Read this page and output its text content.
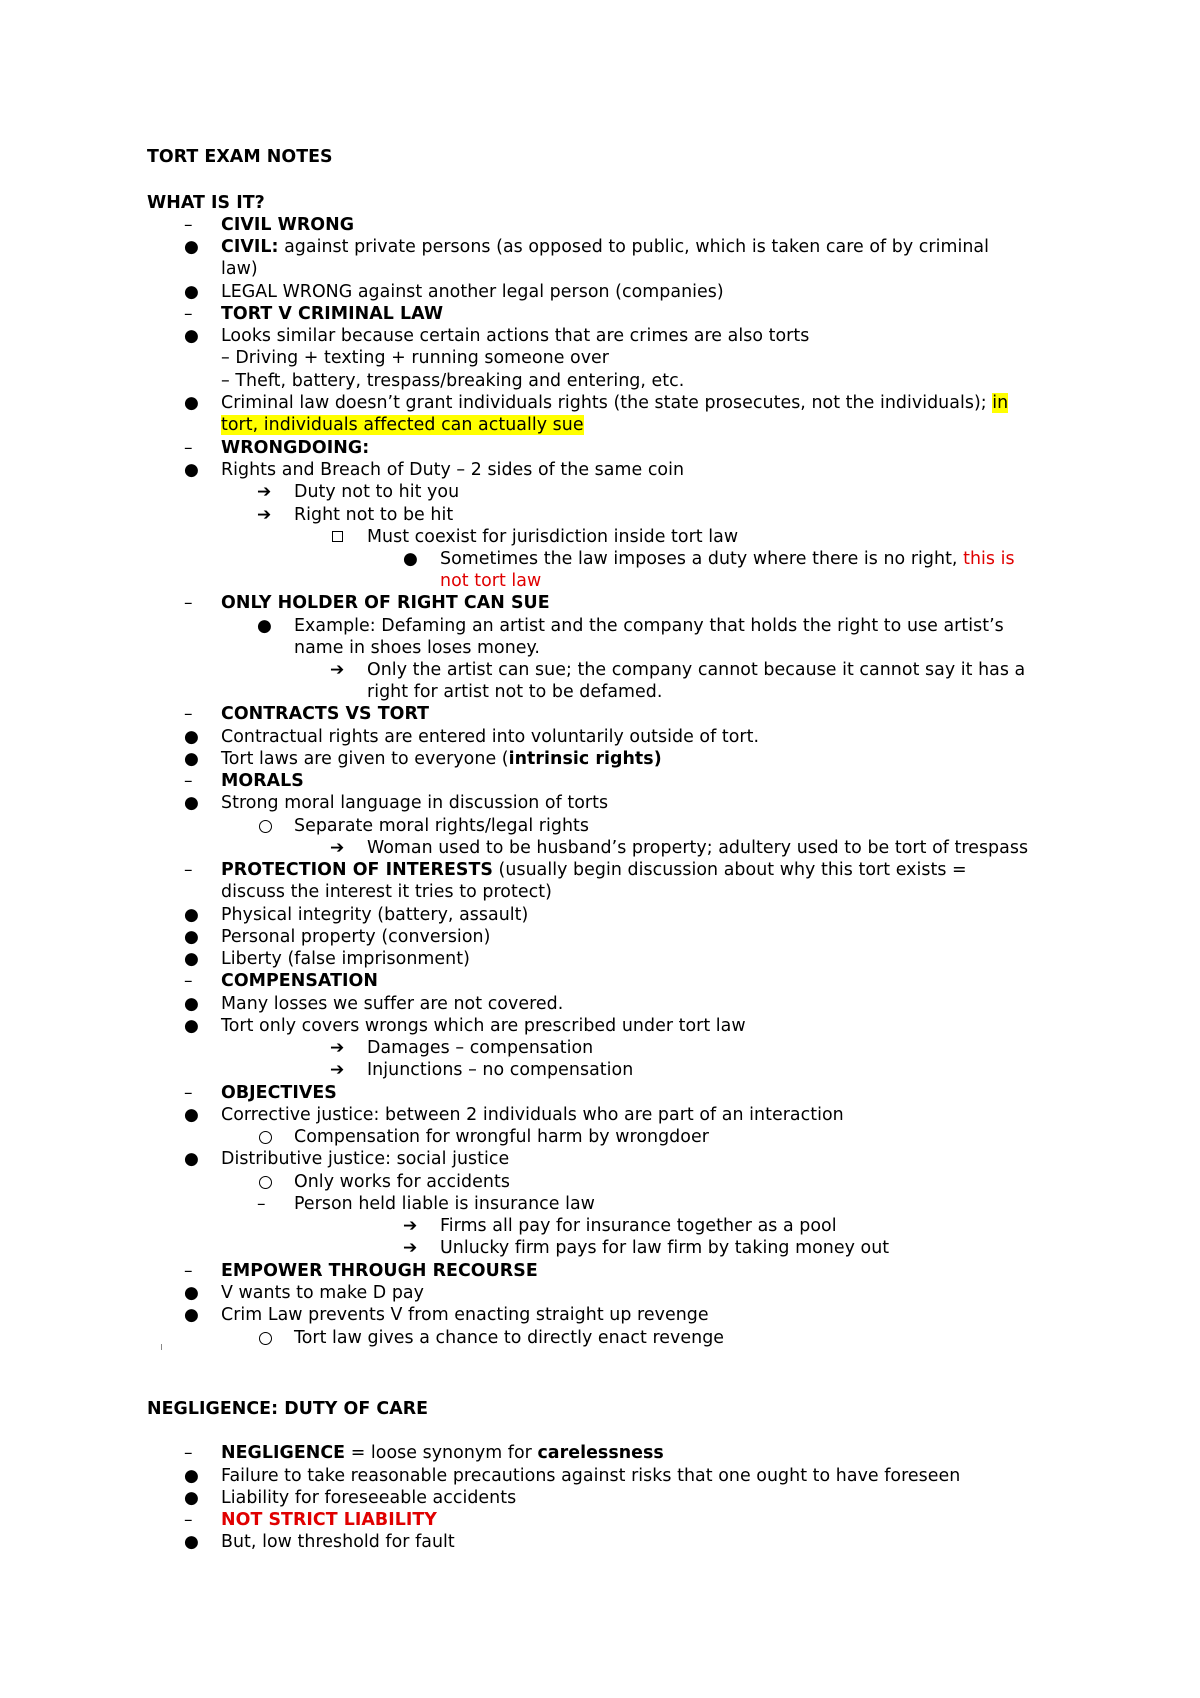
TORT EXAM NOTES
WHAT IS IT?
– CIVIL WRONG
● CIVIL: against private persons (as opposed to public, which is taken care of by criminal
law)
● LEGAL WRONG against another legal person (companies)
– TORT V CRIMINAL LAW
● Looks similar because certain actions that are crimes are also torts
– Driving + texting + running someone over
– Theft, battery, trespass/breaking and entering, etc.
● Criminal law doesn’t grant individuals rights (the state prosecutes, not the individuals); in
tort, individuals affected can actually sue
– WRONGDOING:
● Rights and Breach of Duty – 2 sides of the same coin
➔ Duty not to hit you
➔ Right not to be hit
Must coexist for jurisdiction inside tort law
● Sometimes the law imposes a duty where there is no right, this is
not tort law
– ONLY HOLDER OF RIGHT CAN SUE
● Example: Defaming an artist and the company that holds the right to use artist’s
name in shoes loses money.
➔ Only the artist can sue; the company cannot because it cannot say it has a
right for artist not to be defamed.
– CONTRACTS VS TORT
● Contractual rights are entered into voluntarily outside of tort.
● Tort laws are given to everyone (intrinsic rights)
– MORALS
● Strong moral language in discussion of torts
Separate moral rights/legal rights
➔ Woman used to be husband’s property; adultery used to be tort of trespass
– PROTECTION OF INTERESTS (usually begin discussion about why this tort exists =
discuss the interest it tries to protect)
● Physical integrity (battery, assault)
● Personal property (conversion)
● Liberty (false imprisonment)
– COMPENSATION
● Many losses we suffer are not covered.
● Tort only covers wrongs which are prescribed under tort law
➔ Damages – compensation
➔ Injunctions – no compensation
– OBJECTIVES
● Corrective justice: between 2 individuals who are part of an interaction
Compensation for wrongful harm by wrongdoer
● Distributive justice: social justice
Only works for accidents
– Person held liable is insurance law
➔ Firms all pay for insurance together as a pool
➔ Unlucky firm pays for law firm by taking money out
– EMPOWER THROUGH RECOURSE
● V wants to make D pay
● Crim Law prevents V from enacting straight up revenge
Tort law gives a chance to directly enact revenge
NEGLIGENCE: DUTY OF CARE
– NEGLIGENCE = loose synonym for carelessness
● Failure to take reasonable precautions against risks that one ought to have foreseen
● Liability for foreseeable accidents
– NOT STRICT LIABILITY
● But, low threshold for fault
